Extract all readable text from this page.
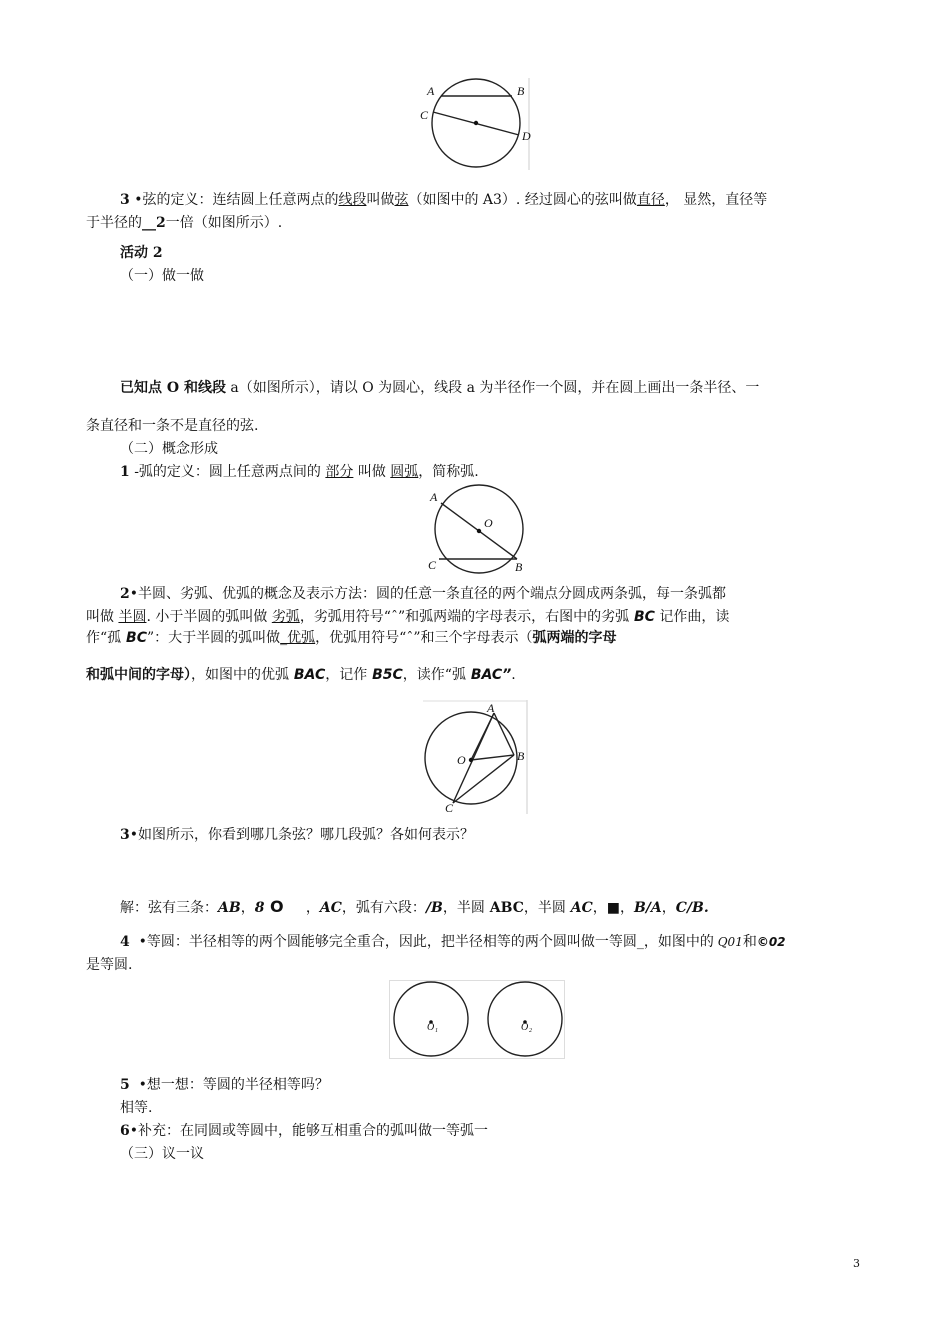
A	B
C
D
3 •弦的定义：连结圆上任意两点的线段叫做弦（如图中的 A3）. 经过圆心的弦叫做直径， 显然，直径等
于半径的__2一倍（如图所示）.
活动 2
（一）做一做
已知点 O 和线段 a（如图所示），请以 O 为圆心，线段 a 为半径作一个圆，并在圆上画出一条半径、一
条直径和一条不是直径的弦.
（二）概念形成
1 -弧的定义：圆上任意两点间的 部分 叫做 圆弧，简称弧.
A
O
C	B
2•半圆、劣弧、优弧的概念及表示方法：圆的任意一条直径的两个端点分圆成两条弧，每一条弧都
叫做 半圆. 小于半圆的弧叫做 劣弧，劣弧用符号“ˆ”和弧两端的字母表示，右图中的劣弧 BC 记作曲，读
作“孤 BC”：大于半圆的弧叫做_优弧，优弧用符号“ˆ”和三个字母表示（弧两端的字母
和弧中间的字母），如图中的优弧 BAC，记作 B5C，读作“弧 BAC”.
A
O	B
C
3•如图所示，你看到哪几条弦？哪几段弧？各如何表示？
解：弦有三条：AB，8 O     ，AC，弧有六段：∕B，半圆 ABC，半圆 AC，■，B∕A，C∕B.
4  •等圆：半径相等的两个圆能够完全重合，因此，把半径相等的两个圆叫做一等圆_，如图中的 Q01和©02
是等圆.
O 1	O 2
5  •想一想：等圆的半径相等吗？
相等.
6•补充：在同圆或等圆中，能够互相重合的弧叫做一等弧一
（三）议一议
3
